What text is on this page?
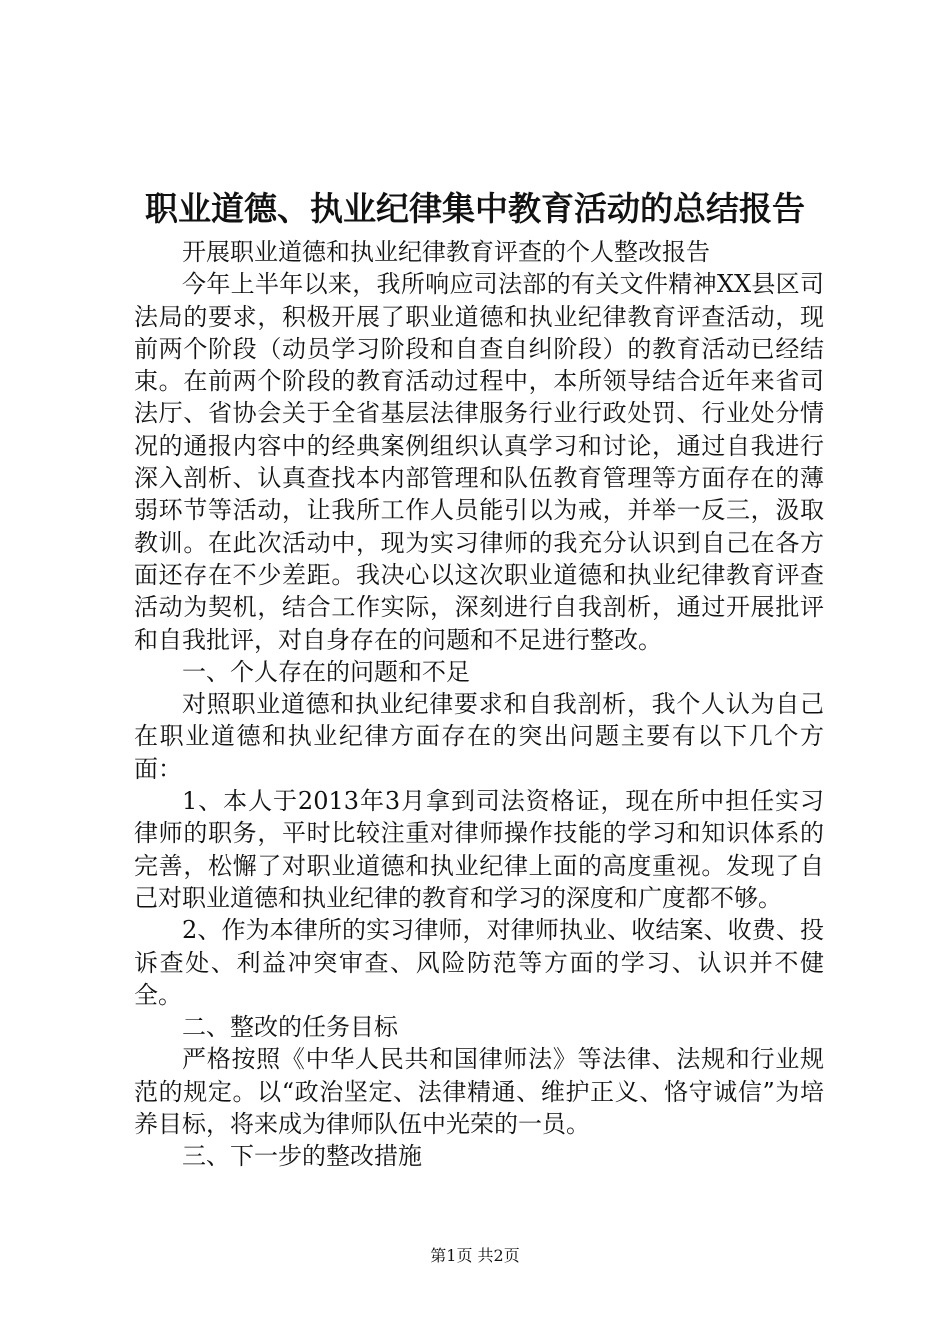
职业道德、执业纪律集中教育活动的总结报告

开展职业道德和执业纪律教育评查的个人整改报告

今年上半年以来，我所响应司法部的有关文件精神XX县区司法局的要求，积极开展了职业道德和执业纪律教育评查活动，现前两个阶段（动员学习阶段和自查自纠阶段）的教育活动已经结束。在前两个阶段的教育活动过程中，本所领导结合近年来省司法厅、省协会关于全省基层法律服务行业行政处罚、行业处分情况的通报内容中的经典案例组织认真学习和讨论，通过自我进行深入剖析、认真查找本内部管理和队伍教育管理等方面存在的薄弱环节等活动，让我所工作人员能引以为戒，并举一反三，汲取教训。在此次活动中，现为实习律师的我充分认识到自己在各方面还存在不少差距。我决心以这次职业道德和执业纪律教育评查活动为契机，结合工作实际，深刻进行自我剖析，通过开展批评和自我批评，对自身存在的问题和不足进行整改。

一、个人存在的问题和不足

对照职业道德和执业纪律要求和自我剖析，我个人认为自己在职业道德和执业纪律方面存在的突出问题主要有以下几个方面：

1、本人于2013年3月拿到司法资格证，现在所中担任实习律师的职务，平时比较注重对律师操作技能的学习和知识体系的完善，松懈了对职业道德和执业纪律上面的高度重视。发现了自己对职业道德和执业纪律的教育和学习的深度和广度都不够。

2、作为本律所的实习律师，对律师执业、收结案、收费、投诉查处、利益冲突审查、风险防范等方面的学习、认识并不健全。

二、整改的任务目标

严格按照《中华人民共和国律师法》等法律、法规和行业规范的规定。以“政治坚定、法律精通、维护正义、恪守诚信”为培养目标，将来成为律师队伍中光荣的一员。

三、下一步的整改措施

第1页 共2页
